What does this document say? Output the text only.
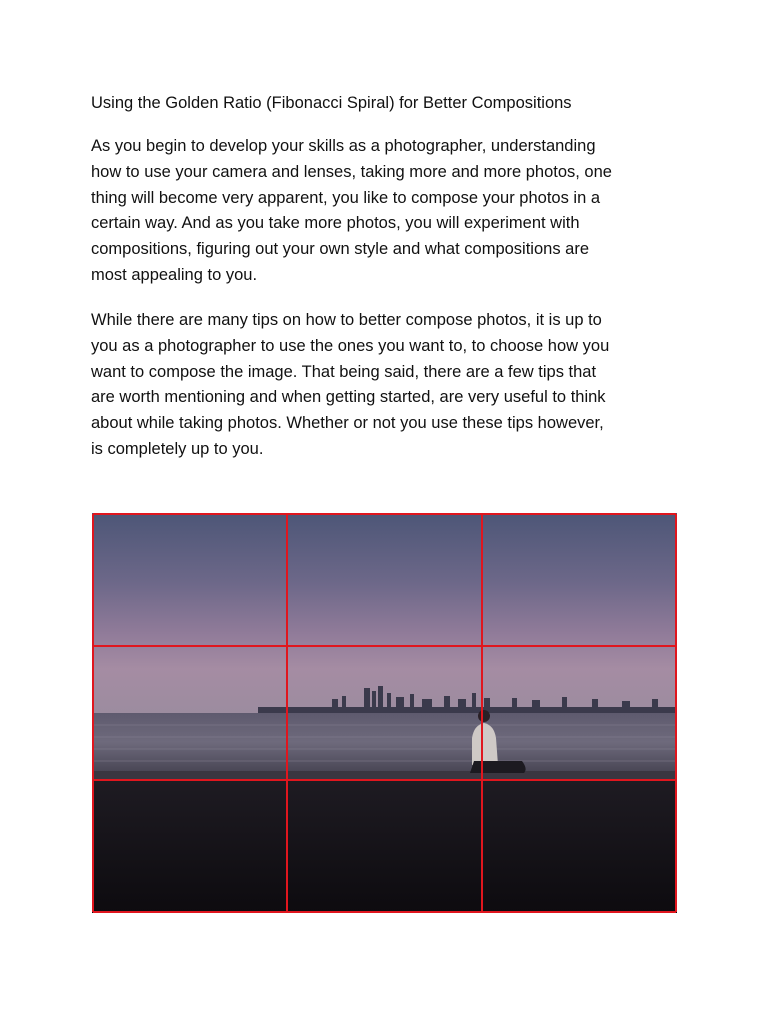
Using the Golden Ratio (Fibonacci Spiral) for Better Compositions
As you begin to develop your skills as a photographer, understanding
how to use your camera and lenses, taking more and more photos, one
thing will become very apparent, you like to compose your photos in a
certain way. And as you take more photos, you will experiment with
compositions, figuring out your own style and what compositions are
most appealing to you.
While there are many tips on how to better compose photos, it is up to
you as a photographer to use the ones you want to, to choose how you
want to compose the image. That being said, there are a few tips that
are worth mentioning and when getting started, are very useful to think
about while taking photos. Whether or not you use these tips however,
is completely up to you.
